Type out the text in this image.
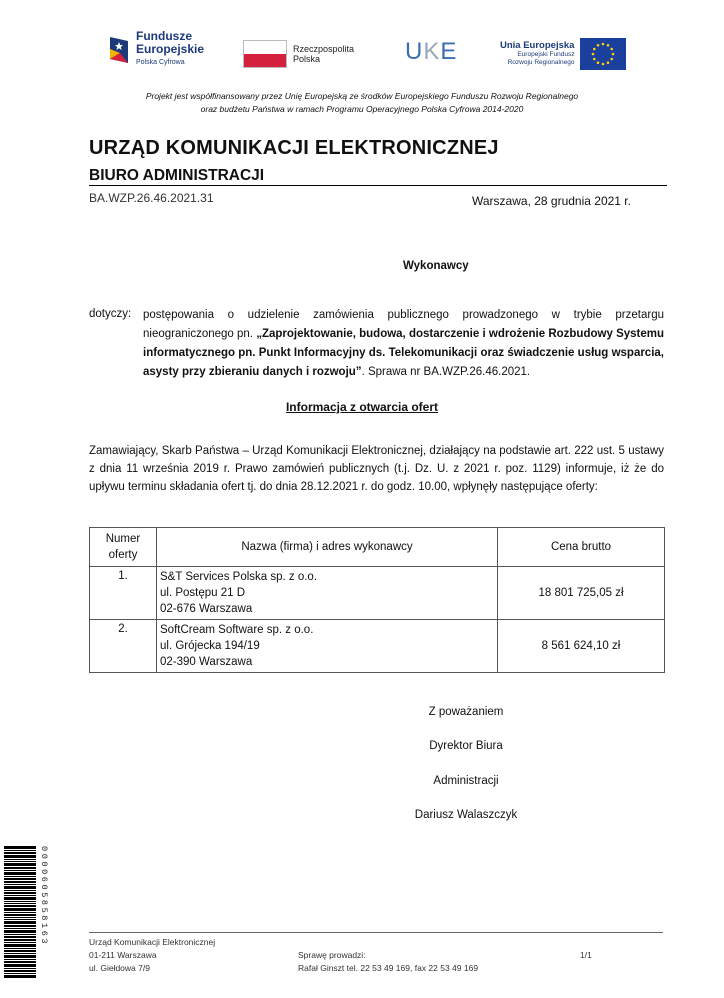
Fundusze
Europejskie
Polska Cyfrowa
Rzeczpospolita
Polska	U K E	Unia Europejska
Europejski Fundusz
Rozwoju Regionalnego
Projekt jest współfinansowany przez Unię Europejską ze środków Europejskiego Funduszu Rozwoju Regionalnego
oraz budżetu Państwa w ramach Programu Operacyjnego Polska Cyfrowa 2014-2020
URZĄD KOMUNIKACJI ELEKTRONICZNEJ
BIURO ADMINISTRACJI
BA.WZP.26.46.2021.31	Warszawa, 28 grudnia 2021 r.
Wykonawcy
dotyczy: postępowania o udzielenie zamówienia publicznego prowadzonego w trybie przetargu nieograniczonego pn. „Zaprojektowanie, budowa, dostarczenie i wdrożenie Rozbudowy Systemu informatycznego pn. Punkt Informacyjny ds. Telekomunikacji oraz świadczenie usług wsparcia, asysty przy zbieraniu danych i rozwoju”. Sprawa nr BA.WZP.26.46.2021.
Informacja z otwarcia ofert
Zamawiający, Skarb Państwa – Urząd Komunikacji Elektronicznej, działający na podstawie art. 222 ust. 5 ustawy z dnia 11 września 2019 r. Prawo zamówień publicznych (t.j. Dz. U. z 2021 r. poz. 1129) informuje, iż że do upływu terminu składania ofert tj. do dnia 28.12.2021 r. do godz. 10.00, wpłynęły następujące oferty:
Numer oferty	Nazwa (firma) i adres wykonawcy	Cena brutto
1.	S&T Services Polska sp. z o.o.
ul. Postępu 21 D
02-676 Warszawa	18 801 725,05 zł
2.	SoftCream Software sp. z o.o.
ul. Grójecka 194/19
02-390 Warszawa	8 561 624,10 zł
Z poważaniem
Dyrektor Biura
Administracji
Dariusz Walaszczyk
0000605858163	Urząd Komunikacji Elektronicznej
01-211 Warszawa
ul. Giełdowa 7/9
Sprawę prowadzi:
Rafał Ginszt tel. 22 53 49 169, fax 22 53 49 169
1/1
